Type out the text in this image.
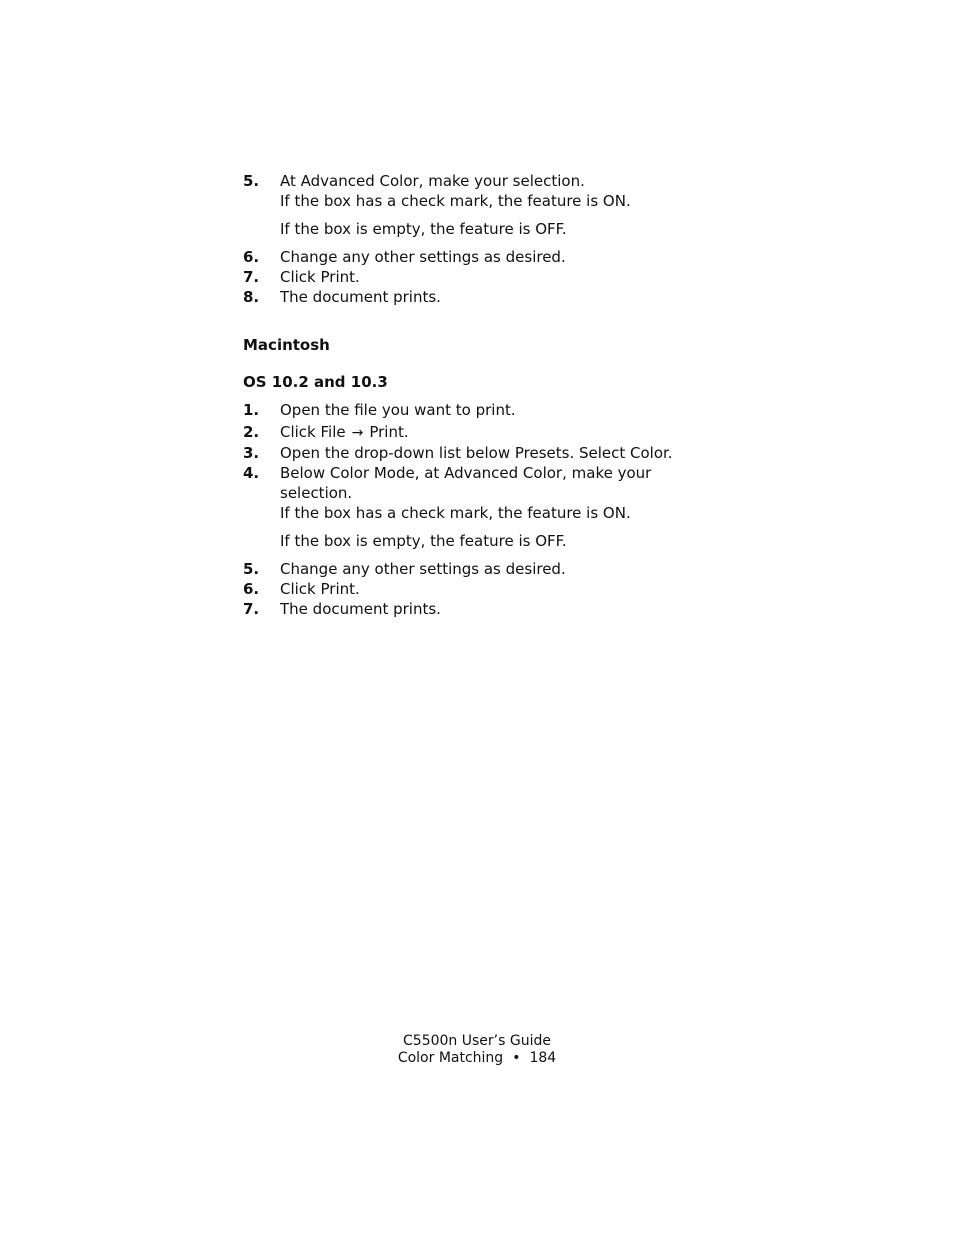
5.	At Advanced Color, make your selection.
If the box has a check mark, the feature is ON.
If the box is empty, the feature is OFF.
6.	Change any other settings as desired.
7.	Click Print.
8.	The document prints.
Macintosh
OS 10.2 and 10.3
1.	Open the file you want to print.
2.	Click File → Print.
3.	Open the drop-down list below Presets. Select Color.
4.	Below Color Mode, at Advanced Color, make your selection.
If the box has a check mark, the feature is ON.
If the box is empty, the feature is OFF.
5.	Change any other settings as desired.
6.	Click Print.
7.	The document prints.
C5500n User’s Guide
Color Matching • 184
